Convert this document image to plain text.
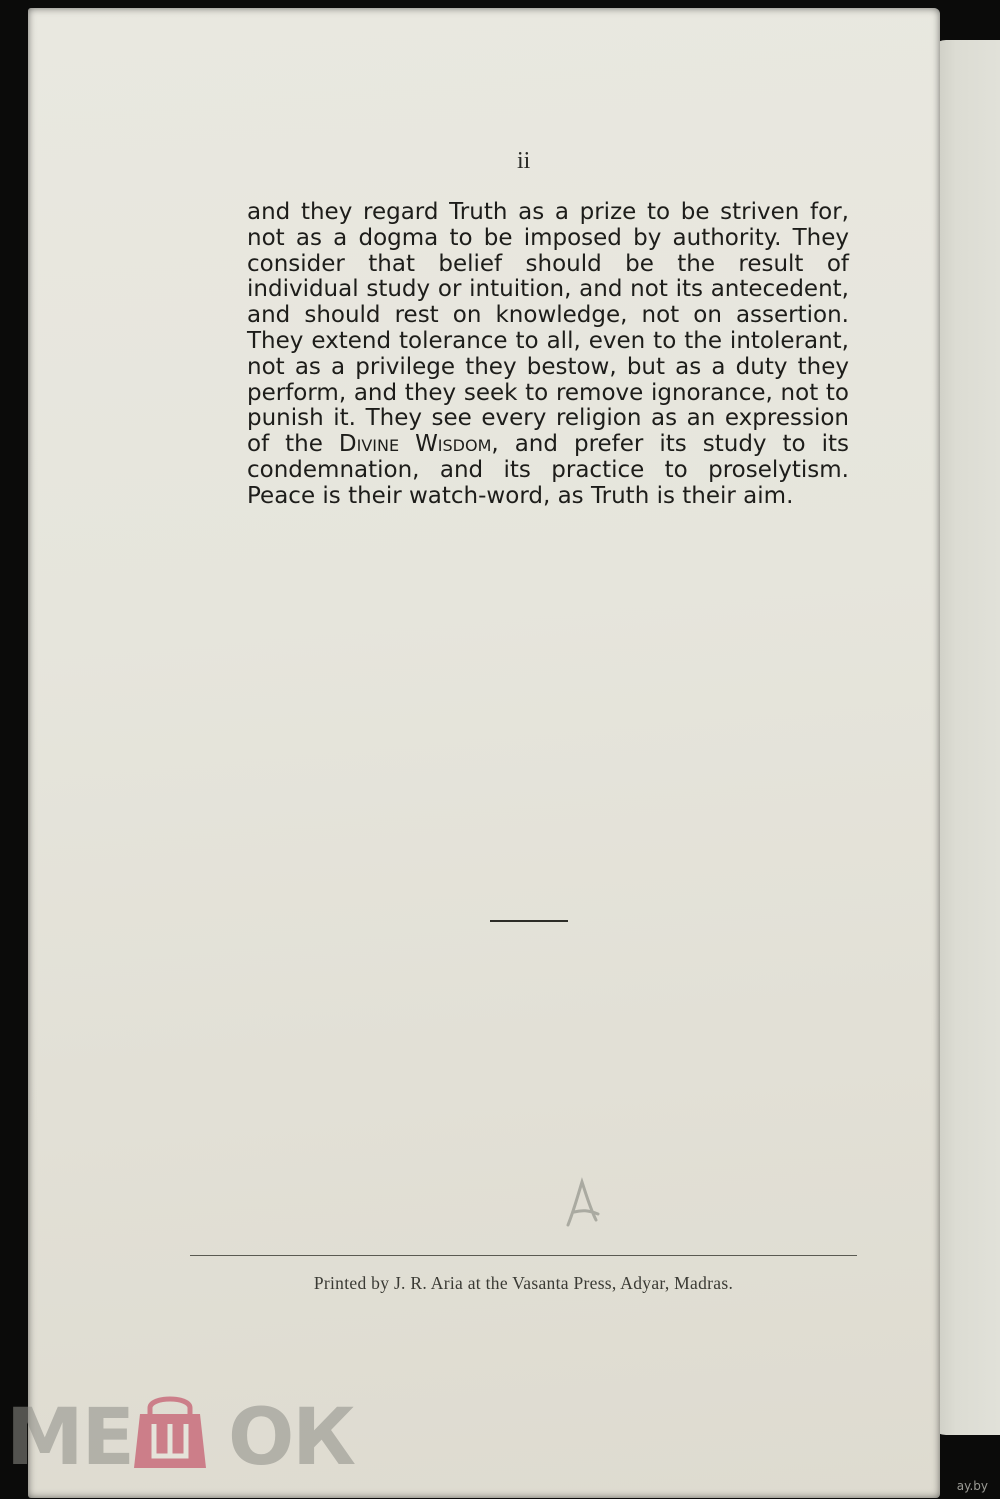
ii
and they regard Truth as a prize to be striven for, not as a dogma to be imposed by authority. They consider that belief should be the result of individual study or intuition, and not its antecedent, and should rest on knowledge, not on assertion. They extend tolerance to all, even to the intolerant, not as a privilege they bestow, but as a duty they perform, and they seek to remove ignorance, not to punish it. They see every religion as an expression of the Divine Wisdom, and prefer its study to its condemnation, and its practice to proselytism. Peace is their watch-word, as Truth is their aim.
Printed by J. R. Aria at the Vasanta Press, Adyar, Madras.
МЕ ОК
ay.by
